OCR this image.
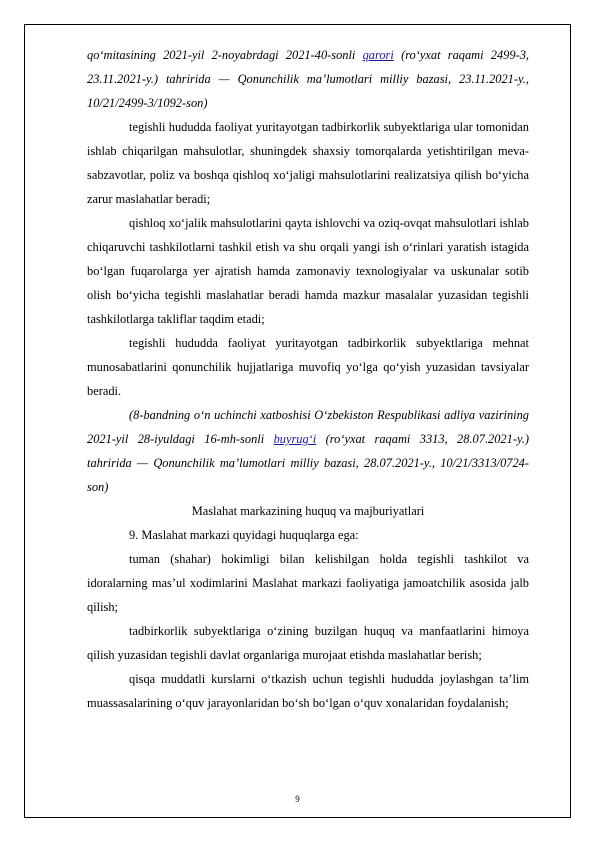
qo‘mitasining 2021-yil 2-noyabrdagi 2021-40-sonli qarori (ro‘yxat raqami 2499-3, 23.11.2021-y.) tahririda — Qonunchilik ma’lumotlari milliy bazasi, 23.11.2021-y., 10/21/2499-3/1092-son)

tegishli hududda faoliyat yuritayotgan tadbirkorlik subyektlariga ular tomonidan ishlab chiqarilgan mahsulotlar, shuningdek shaxsiy tomorqalarda yetishtirilgan meva-sabzavotlar, poliz va boshqa qishloq xo‘jaligi mahsulotlarini realizatsiya qilish bo‘yicha zarur maslahatlar beradi;

qishloq xo‘jalik mahsulotlarini qayta ishlovchi va oziq-ovqat mahsulotlari ishlab chiqaruvchi tashkilotlarni tashkil etish va shu orqali yangi ish o‘rinlari yaratish istagida bo‘lgan fuqarolarga yer ajratish hamda zamonaviy texnologiyalar va uskunalar sotib olish bo‘yicha tegishli maslahatlar beradi hamda mazkur masalalar yuzasidan tegishli tashkilotlarga takliflar taqdim etadi;

tegishli hududda faoliyat yuritayotgan tadbirkorlik subyektlariga mehnat munosabatlarini qonunchilik hujjatlariga muvofiq yo‘lga qo‘yish yuzasidan tavsiyalar beradi.

(8-bandning o‘n uchinchi xatboshisi O‘zbekiston Respublikasi adliya vazirining 2021-yil 28-iyuldagi 16-mh-sonli buyrug‘i (ro‘yxat raqami 3313, 28.07.2021-y.) tahririda — Qonunchilik ma’lumotlari milliy bazasi, 28.07.2021-y., 10/21/3313/0724-son)

Maslahat markazining huquq va majburiyatlari

9. Maslahat markazi quyidagi huquqlarga ega:

tuman (shahar) hokimligi bilan kelishilgan holda tegishli tashkilot va idoralarning mas’ul xodimlarini Maslahat markazi faoliyatiga jamoatchilik asosida jalb qilish;

tadbirkorlik subyektlariga o‘zining buzilgan huquq va manfaatlarini himoya qilish yuzasidan tegishli davlat organlariga murojaat etishda maslahatlar berish;

qisqa muddatli kurslarni o‘tkazish uchun tegishli hududda joylashgan ta’lim muassasalarining o‘quv jarayonlaridan bo‘sh bo‘lgan o‘quv xonalaridan foydalanish;

9
